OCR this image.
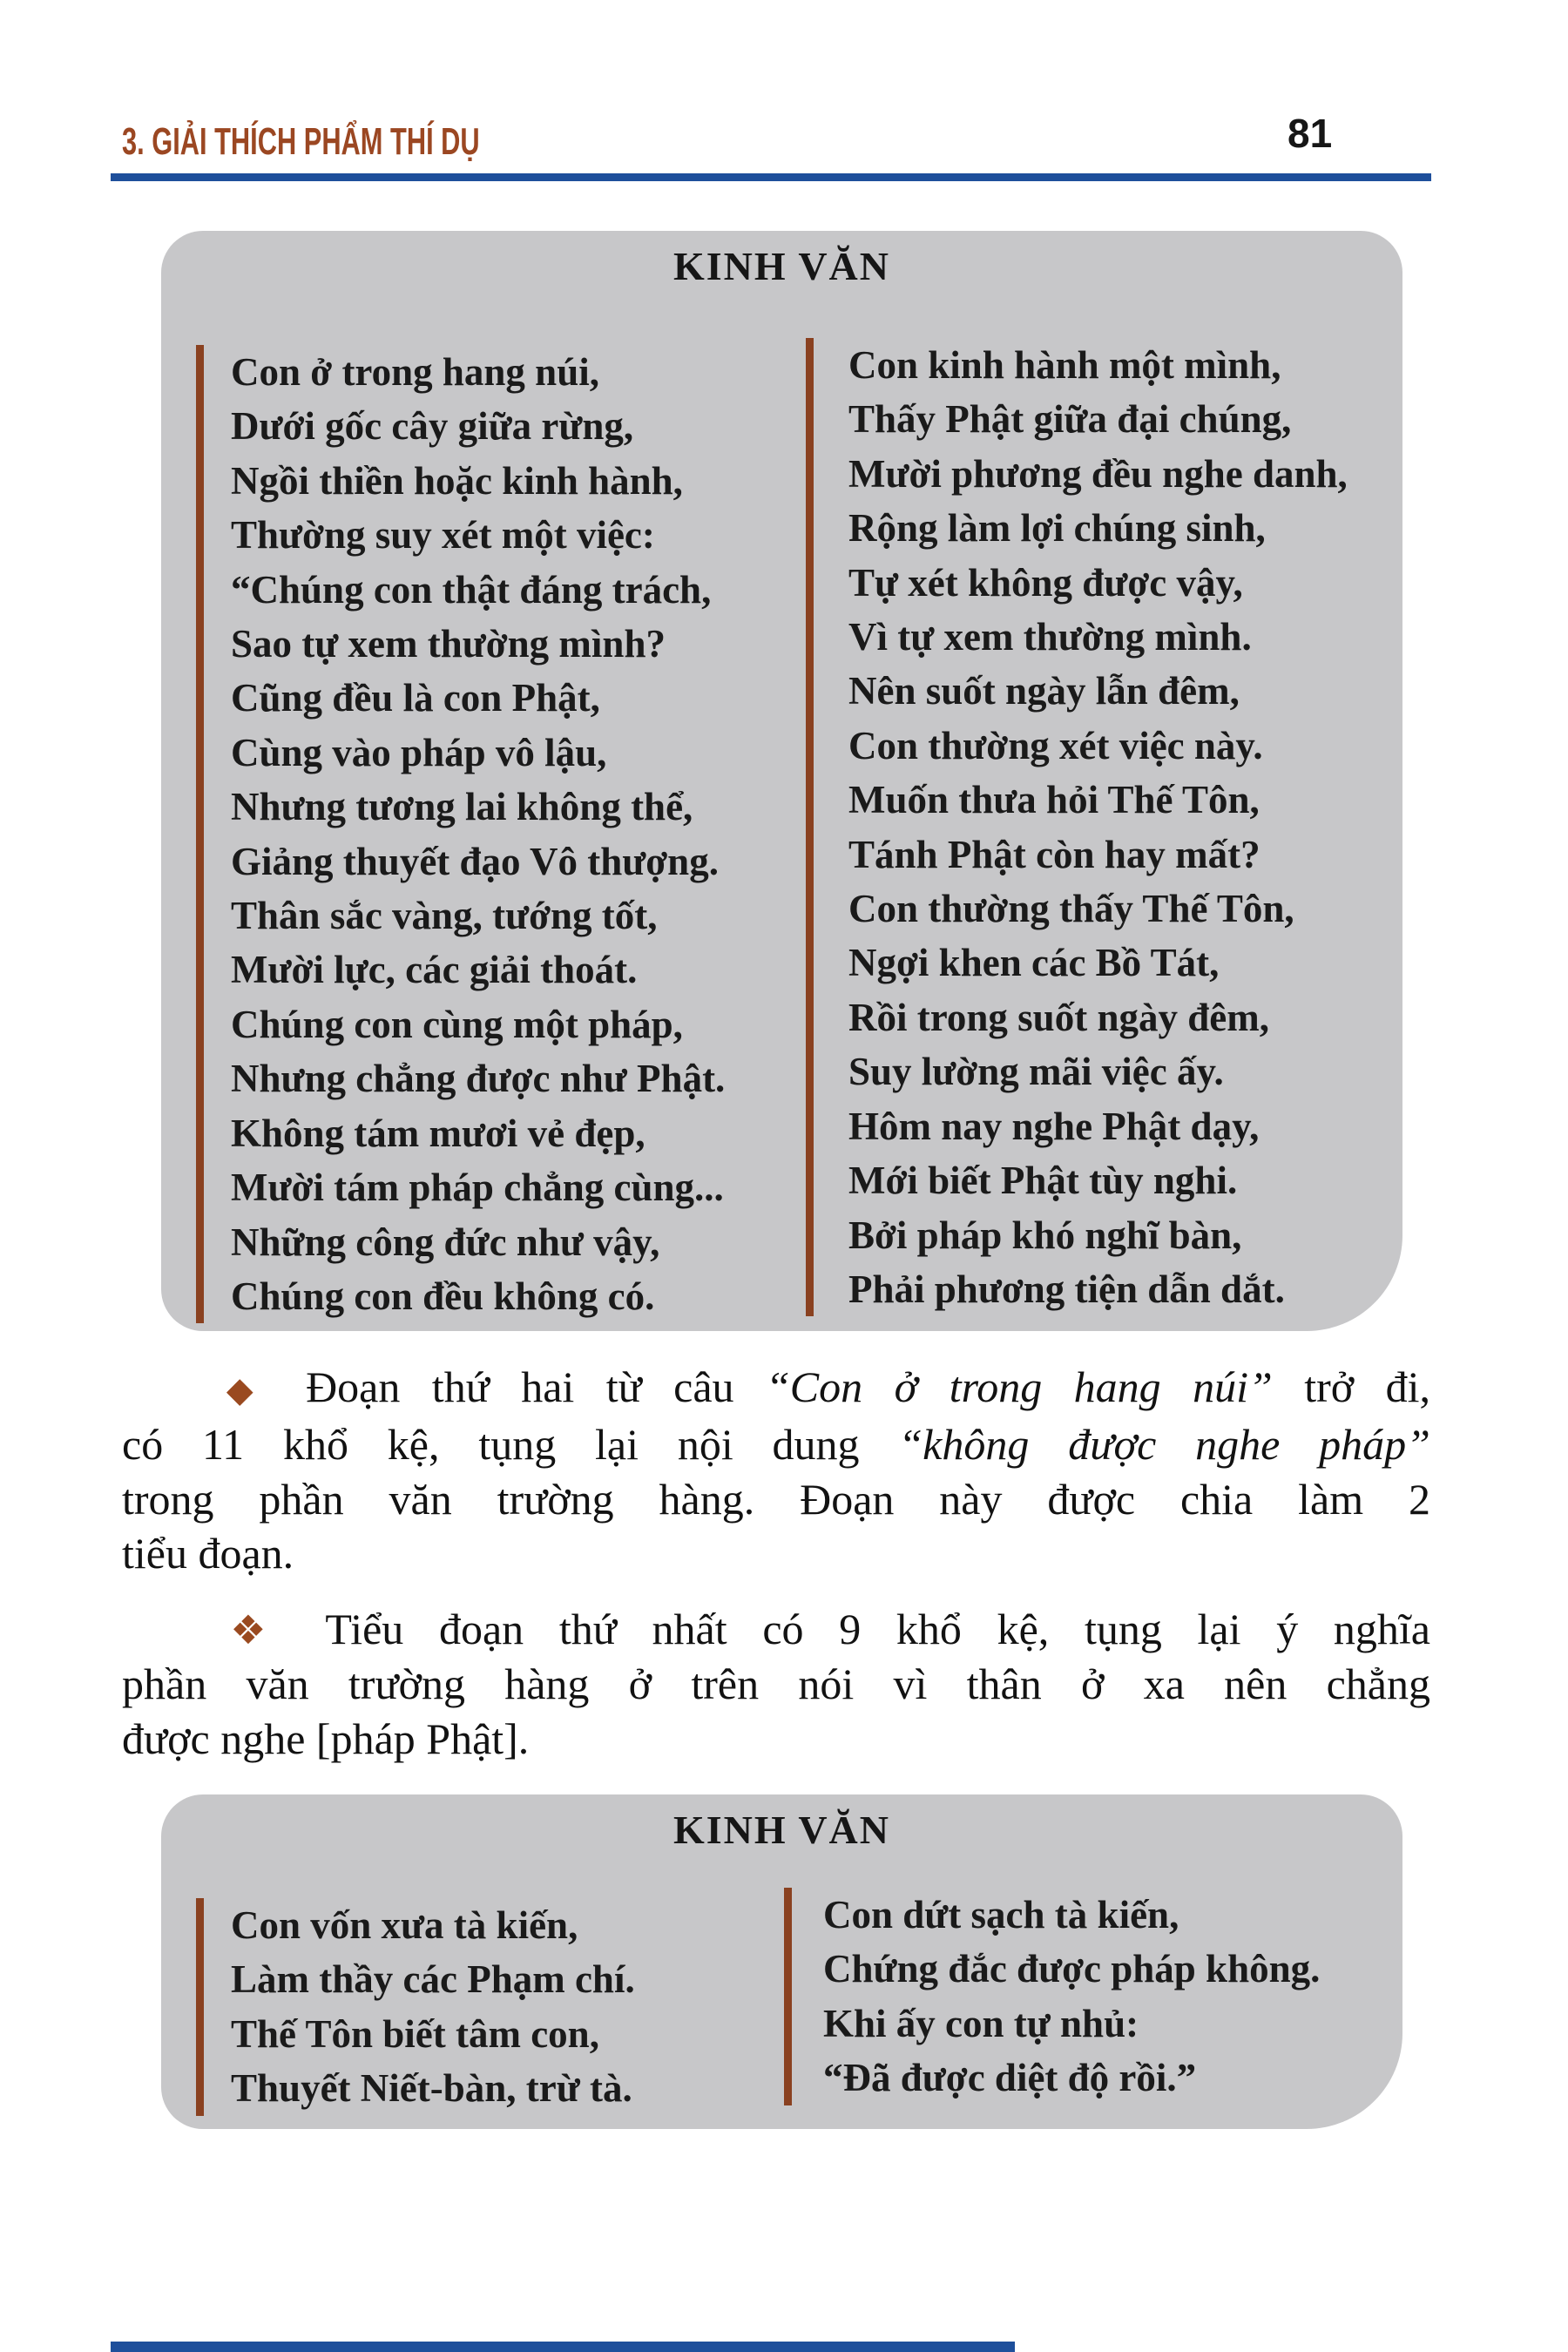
3. GIẢI THÍCH PHẨM THÍ DỤ	81
KINH VĂN
Con ở trong hang núi,
Dưới gốc cây giữa rừng,
Ngồi thiền hoặc kinh hành,
Thường suy xét một việc:
“Chúng con thật đáng trách,
Sao tự xem thường mình?
Cũng đều là con Phật,
Cùng vào pháp vô lậu,
Nhưng tương lai không thể,
Giảng thuyết đạo Vô thượng.
Thân sắc vàng, tướng tốt,
Mười lực, các giải thoát.
Chúng con cùng một pháp,
Nhưng chẳng được như Phật.
Không tám mươi vẻ đẹp,
Mười tám pháp chẳng cùng...
Những công đức như vậy,
Chúng con đều không có.
Con kinh hành một mình,
Thấy Phật giữa đại chúng,
Mười phương đều nghe danh,
Rộng làm lợi chúng sinh,
Tự xét không được vậy,
Vì tự xem thường mình.
Nên suốt ngày lẫn đêm,
Con thường xét việc này.
Muốn thưa hỏi Thế Tôn,
Tánh Phật còn hay mất?
Con thường thấy Thế Tôn,
Ngợi khen các Bồ Tát,
Rồi trong suốt ngày đêm,
Suy lường mãi việc ấy.
Hôm nay nghe Phật dạy,
Mới biết Phật tùy nghi.
Bởi pháp khó nghĩ bàn,
Phải phương tiện dẫn dắt.
◆ Đoạn thứ hai từ câu “Con ở trong hang núi” trở đi,
có 11 khổ kệ, tụng lại nội dung “không được nghe pháp”
trong phần văn trường hàng. Đoạn này được chia làm 2
tiểu đoạn.
❖ Tiểu đoạn thứ nhất có 9 khổ kệ, tụng lại ý nghĩa
phần văn trường hàng ở trên nói vì thân ở xa nên chẳng
được nghe [pháp Phật].
KINH VĂN
Con vốn xưa tà kiến,
Làm thầy các Phạm chí.
Thế Tôn biết tâm con,
Thuyết Niết-bàn, trừ tà.
Con dứt sạch tà kiến,
Chứng đắc được pháp không.
Khi ấy con tự nhủ:
“Đã được diệt độ rồi.”
